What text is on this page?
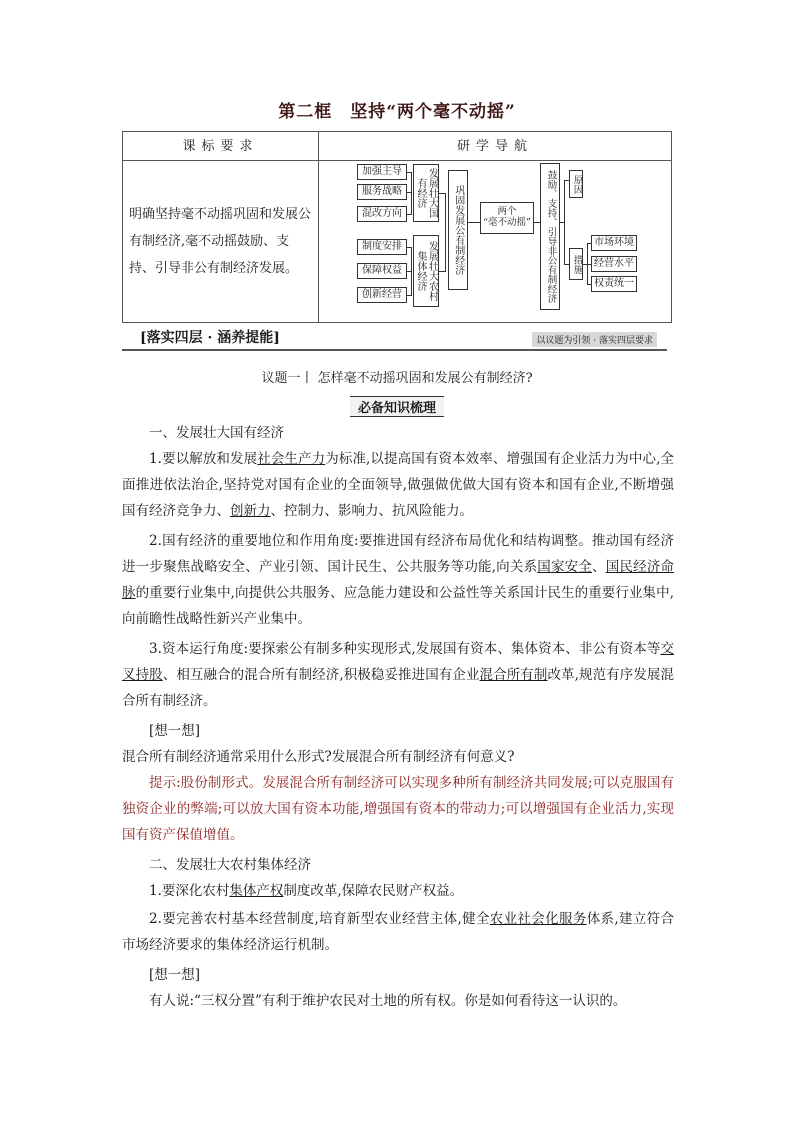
第二框 坚持“两个毫不动摇”
课标要求	研学导航
明确坚持毫不动摇巩固和发展公有制经济,毫不动摇鼓励、支持、引导非公有制经济发展。
加强主导
服务战略
混改方向	发展壮大国有经济
制度安排
保障权益
创新经营	发展壮大农村集体经济	巩固发展公有制经济	两个
“毫不动摇”	鼓励、支持、引导非公有制经济	原因
措施
市场环境
经营水平
权责统一
[落实四层 · 涵养提能]	以议题为引领 · 落实四层要求
议题一丨 怎样毫不动摇巩固和发展公有制经济?
必备知识梳理

一、发展壮大国有经济

1.要以解放和发展社会生产力为标准,以提高国有资本效率、增强国有企业活力为中心,全面推进依法治企,坚持党对国有企业的全面领导,做强做优做大国有资本和国有企业,不断增强国有经济竞争力、创新力、控制力、影响力、抗风险能力。

2.国有经济的重要地位和作用角度:要推进国有经济布局优化和结构调整。推动国有经济进一步聚焦战略安全、产业引领、国计民生、公共服务等功能,向关系国家安全、国民经济命脉的重要行业集中,向提供公共服务、应急能力建设和公益性等关系国计民生的重要行业集中,向前瞻性战略性新兴产业集中。

3.资本运行角度:要探索公有制多种实现形式,发展国有资本、集体资本、非公有资本等交叉持股、相互融合的混合所有制经济,积极稳妥推进国有企业混合所有制改革,规范有序发展混合所有制经济。

[想一想]

混合所有制经济通常采用什么形式?发展混合所有制经济有何意义?

提示:股份制形式。发展混合所有制经济可以实现多种所有制经济共同发展;可以克服国有独资企业的弊端;可以放大国有资本功能,增强国有资本的带动力;可以增强国有企业活力,实现国有资产保值增值。

二、发展壮大农村集体经济

1.要深化农村集体产权制度改革,保障农民财产权益。

2.要完善农村基本经营制度,培育新型农业经营主体,健全农业社会化服务体系,建立符合市场经济要求的集体经济运行机制。

[想一想]

有人说:“三权分置”有利于维护农民对土地的所有权。你是如何看待这一认识的。
